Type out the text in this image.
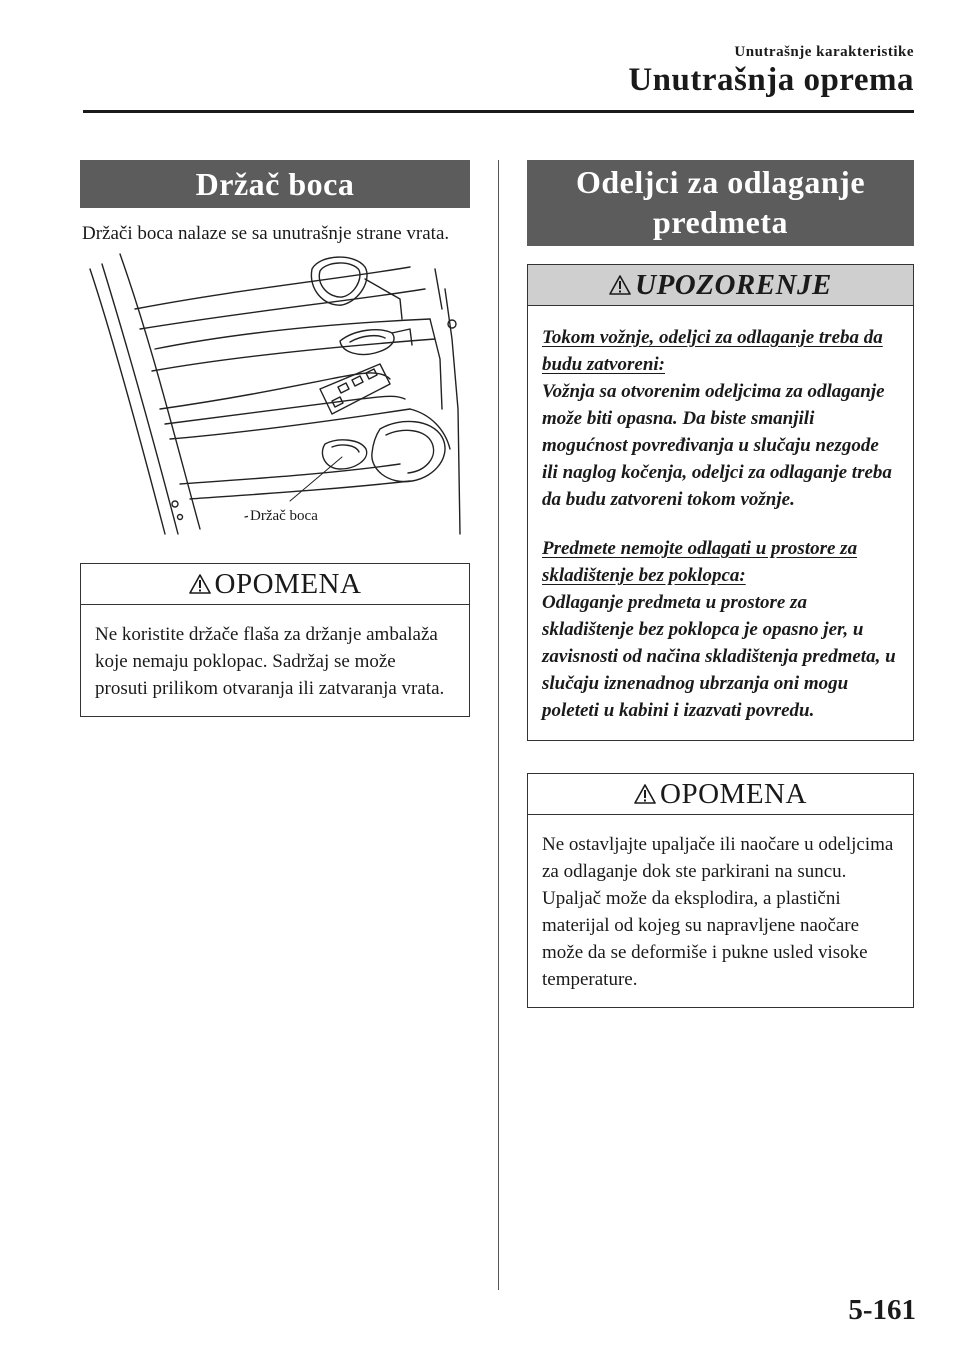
Unutrašnje karakteristike
Unutrašnja oprema
Držač boca
Držači boca nalaze se sa unutrašnje strane vrata.
Držač boca
OPOMENA

Ne koristite držače flaša za držanje ambalaža koje nemaju poklopac. Sadržaj se može prosuti prilikom otvaranja ili zatvaranja vrata.

Odeljci za odlaganje
predmeta
UPOZORENJE

Tokom vožnje, odeljci za odlaganje treba da budu zatvoreni:

Vožnja sa otvorenim odeljcima za odlaganje može biti opasna. Da biste smanjili mogućnost povređivanja u slučaju nezgode ili naglog kočenja, odeljci za odlaganje treba da budu zatvoreni tokom vožnje.

Predmete nemojte odlagati u prostore za skladištenje bez poklopca:

Odlaganje predmeta u prostore za skladištenje bez poklopca je opasno jer, u zavisnosti od načina skladištenja predmeta, u slučaju iznenadnog ubrzanja oni mogu poleteti u kabini i izazvati povredu.

OPOMENA

Ne ostavljajte upaljače ili naočare u odeljcima za odlaganje dok ste parkirani na suncu. Upaljač može da eksplodira, a plastični materijal od kojeg su napravljene naočare može da se deformiše i pukne usled visoke temperature.

5-161
